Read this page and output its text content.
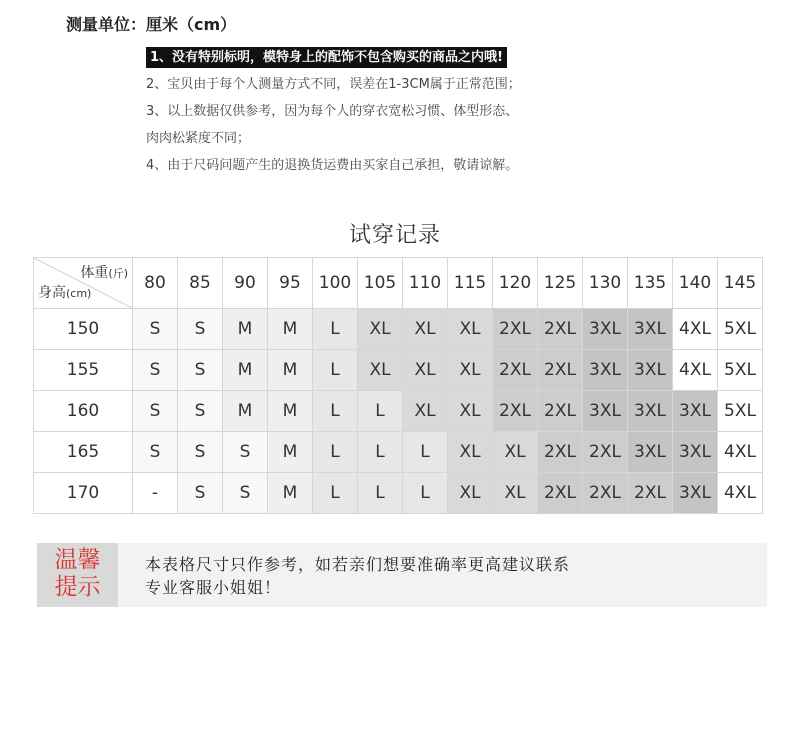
测量单位：厘米（cm）
1、没有特别标明，模特身上的配饰不包含购买的商品之内哦!
2、宝贝由于每个人测量方式不同，误差在1-3CM属于正常范围；
3、以上数据仅供参考，因为每个人的穿衣宽松习惯、体型形态、
肉肉松紧度不同；
4、由于尺码问题产生的退换货运费由买家自己承担，敬请谅解。
试穿记录
体重(斤)
身高(cm)	80	85	90	95	100	105	110	115	120	125	130	135	140	145
150	S	S	M	M	L	XL	XL	XL	2XL	2XL	3XL	3XL	4XL	5XL
155	S	S	M	M	L	XL	XL	XL	2XL	2XL	3XL	3XL	4XL	5XL
160	S	S	M	M	L	L	XL	XL	2XL	2XL	3XL	3XL	3XL	5XL
165	S	S	S	M	L	L	L	XL	XL	2XL	2XL	3XL	3XL	4XL
170	-	S	S	M	L	L	L	XL	XL	2XL	2XL	2XL	3XL	4XL
温馨
提示
本表格尺寸只作参考，如若亲们想要准确率更高建议联系
专业客服小姐姐！
